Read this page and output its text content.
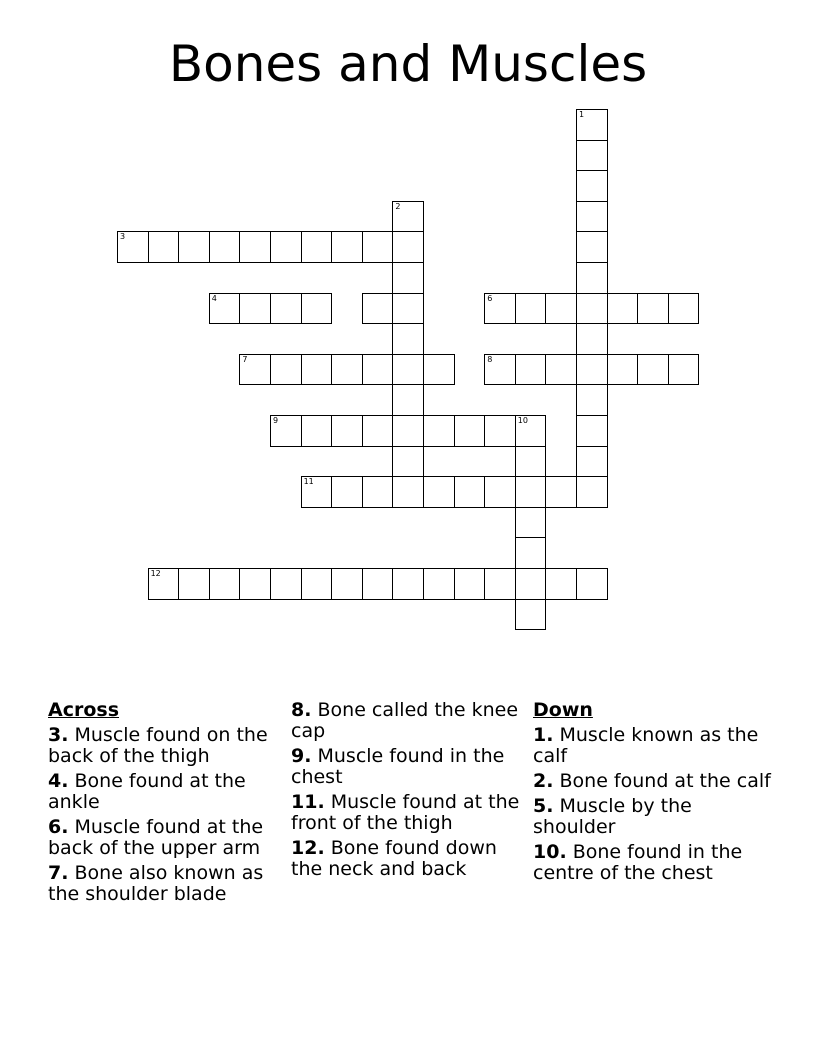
Bones and Muscles
1
2
3
4	6
7	8
9	10
11
12
Across
3. Muscle found on the back of the thigh
4. Bone found at the ankle
6. Muscle found at the back of the upper arm
7. Bone also known as the shoulder blade
8. Bone called the knee cap
9. Muscle found in the chest
11. Muscle found at the front of the thigh
12. Bone found down the neck and back
Down
1. Muscle known as the calf
2. Bone found at the calf
5. Muscle by the shoulder
10. Bone found in the centre of the chest
